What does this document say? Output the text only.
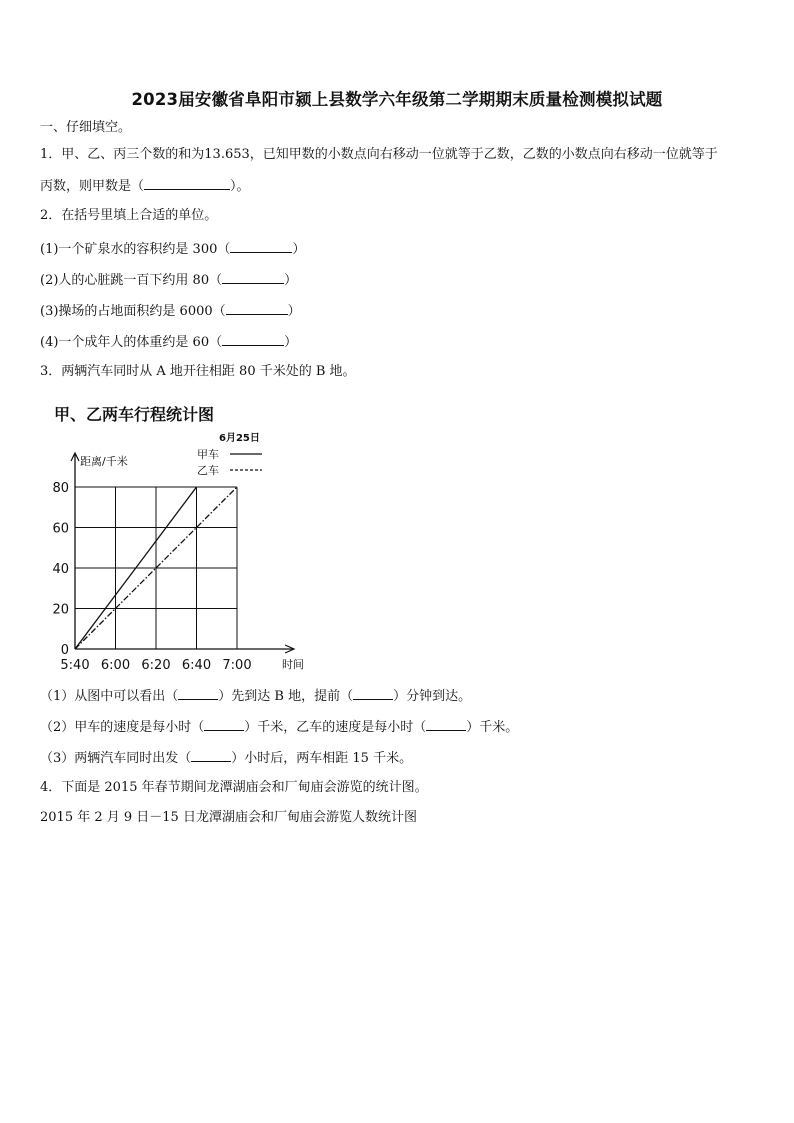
2023届安徽省阜阳市颍上县数学六年级第二学期期末质量检测模拟试题
一、仔细填空。
1．甲、乙、丙三个数的和为13.653，已知甲数的小数点向右移动一位就等于乙数，乙数的小数点向右移动一位就等于
丙数，则甲数是（	）。
2．在括号里填上合适的单位。
(1)一个矿泉水的容积约是 300（	）
(2)人的心脏跳一百下约用 80（	）
(3)操场的占地面积约是 6000（	）
(4)一个成年人的体重约是 60（	）
3．两辆汽车同时从 A 地开往相距 80 千米处的 B 地。
甲、乙两车行程统计图
6月25日
甲车
乙车
距离/千米
0
20
40
60
80
5:40 6:00 6:20 6:40 7:00	时间
（1）从图中可以看出（	）先到达 B 地，提前（	）分钟到达。
（2）甲车的速度是每小时（	）千米，乙车的速度是每小时（	）千米。
（3）两辆汽车同时出发（	）小时后，两车相距 15 千米。
4．下面是 2015 年春节期间龙潭湖庙会和厂甸庙会游览的统计图。
2015 年 2 月 9 日－15 日龙潭湖庙会和厂甸庙会游览人数统计图
